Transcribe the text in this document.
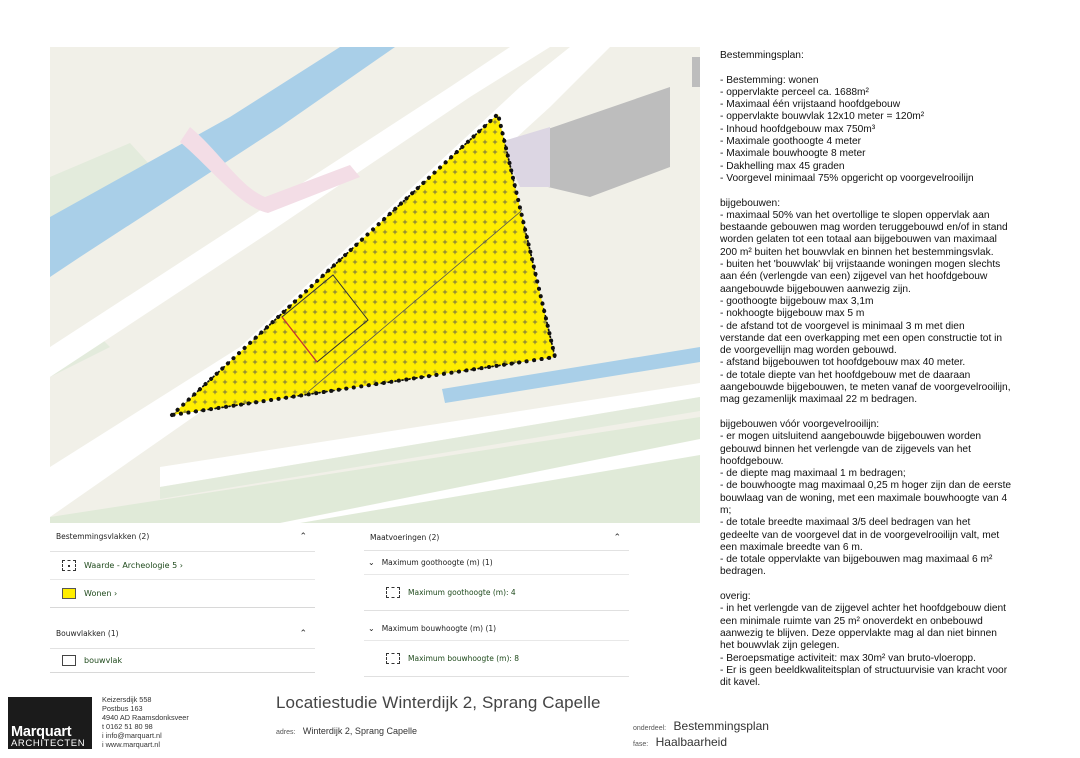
Bestemmingsvlakken (2)	⌃
Waarde - Archeologie 5 ›
Wonen ›
Bouwvlakken (1)	⌃
bouwvlak
Maatvoeringen (2)	⌃
⌄ Maximum goothoogte (m) (1)
Maximum goothoogte (m): 4
⌄ Maximum bouwhoogte (m) (1)
Maximum bouwhoogte (m): 8

Bestemmingsplan:

- Bestemming: wonen

- oppervlakte perceel ca. 1688m²

- Maximaal één vrijstaand hoofdgebouw

- oppervlakte bouwvlak 12x10 meter = 120m²

- Inhoud hoofdgebouw max 750m³

- Maximale goothoogte 4 meter

- Maximale bouwhoogte 8 meter

- Dakhelling max 45 graden

- Voorgevel minimaal 75% opgericht op voorgevelrooilijn

bijgebouwen:

- maximaal 50% van het overtollige te slopen oppervlak aan

bestaande gebouwen mag worden teruggebouwd en/of in stand

worden gelaten tot een totaal aan bijgebouwen van maximaal

200 m² buiten het bouwvlak en binnen het bestemmingsvlak.

- buiten het 'bouwvlak' bij vrijstaande woningen mogen slechts

aan één (verlengde van een) zijgevel van het hoofdgebouw

aangebouwde bijgebouwen aanwezig zijn.

- goothoogte bijgebouw max 3,1m

- nokhoogte bijgebouw max 5 m

- de afstand tot de voorgevel is minimaal 3 m met dien

verstande dat een overkapping met een open constructie tot in

de voorgevellijn mag worden gebouwd.

- afstand bijgebouwen tot hoofdgebouw max 40 meter.

- de totale diepte van het hoofdgebouw met de daaraan

aangebouwde bijgebouwen, te meten vanaf de voorgevelrooilijn,

mag gezamenlijk maximaal 22 m bedragen.

bijgebouwen vóór voorgevelrooilijn:

- er mogen uitsluitend aangebouwde bijgebouwen worden

gebouwd binnen het verlengde van de zijgevels van het

hoofdgebouw.

- de diepte mag maximaal 1 m bedragen;

- de bouwhoogte mag maximaal 0,25 m hoger zijn dan de eerste

bouwlaag van de woning, met een maximale bouwhoogte van 4

m;

- de totale breedte maximaal 3/5 deel bedragen van het

gedeelte van de voorgevel dat in de voorgevelrooilijn valt, met

een maximale breedte van 6 m.

- de totale oppervlakte van bijgebouwen mag maximaal 6 m²

bedragen.

overig:

- in het verlengde van de zijgevel achter het hoofdgebouw dient

een minimale ruimte van 25 m² onoverdekt en onbebouwd

aanwezig te blijven. Deze oppervlakte mag al dan niet binnen

het bouwvlak zijn gelegen.

- Beroepsmatige activiteit: max 30m² van bruto-vloeropp.

- Er is geen beeldkwaliteitsplan of structuurvisie van kracht voor

dit kavel.

Marquart
ARCHITECTEN
Keizersdijk 558
Postbus 163
4940 AD Raamsdonksveer
t 0162 51 80 98
i info@marquart.nl
i www.marquart.nl
Locatiestudie Winterdijk 2, Sprang Capelle
adres: Winterdijk 2, Sprang Capelle	onderdeel: Bestemmingsplan
fase: Haalbaarheid
